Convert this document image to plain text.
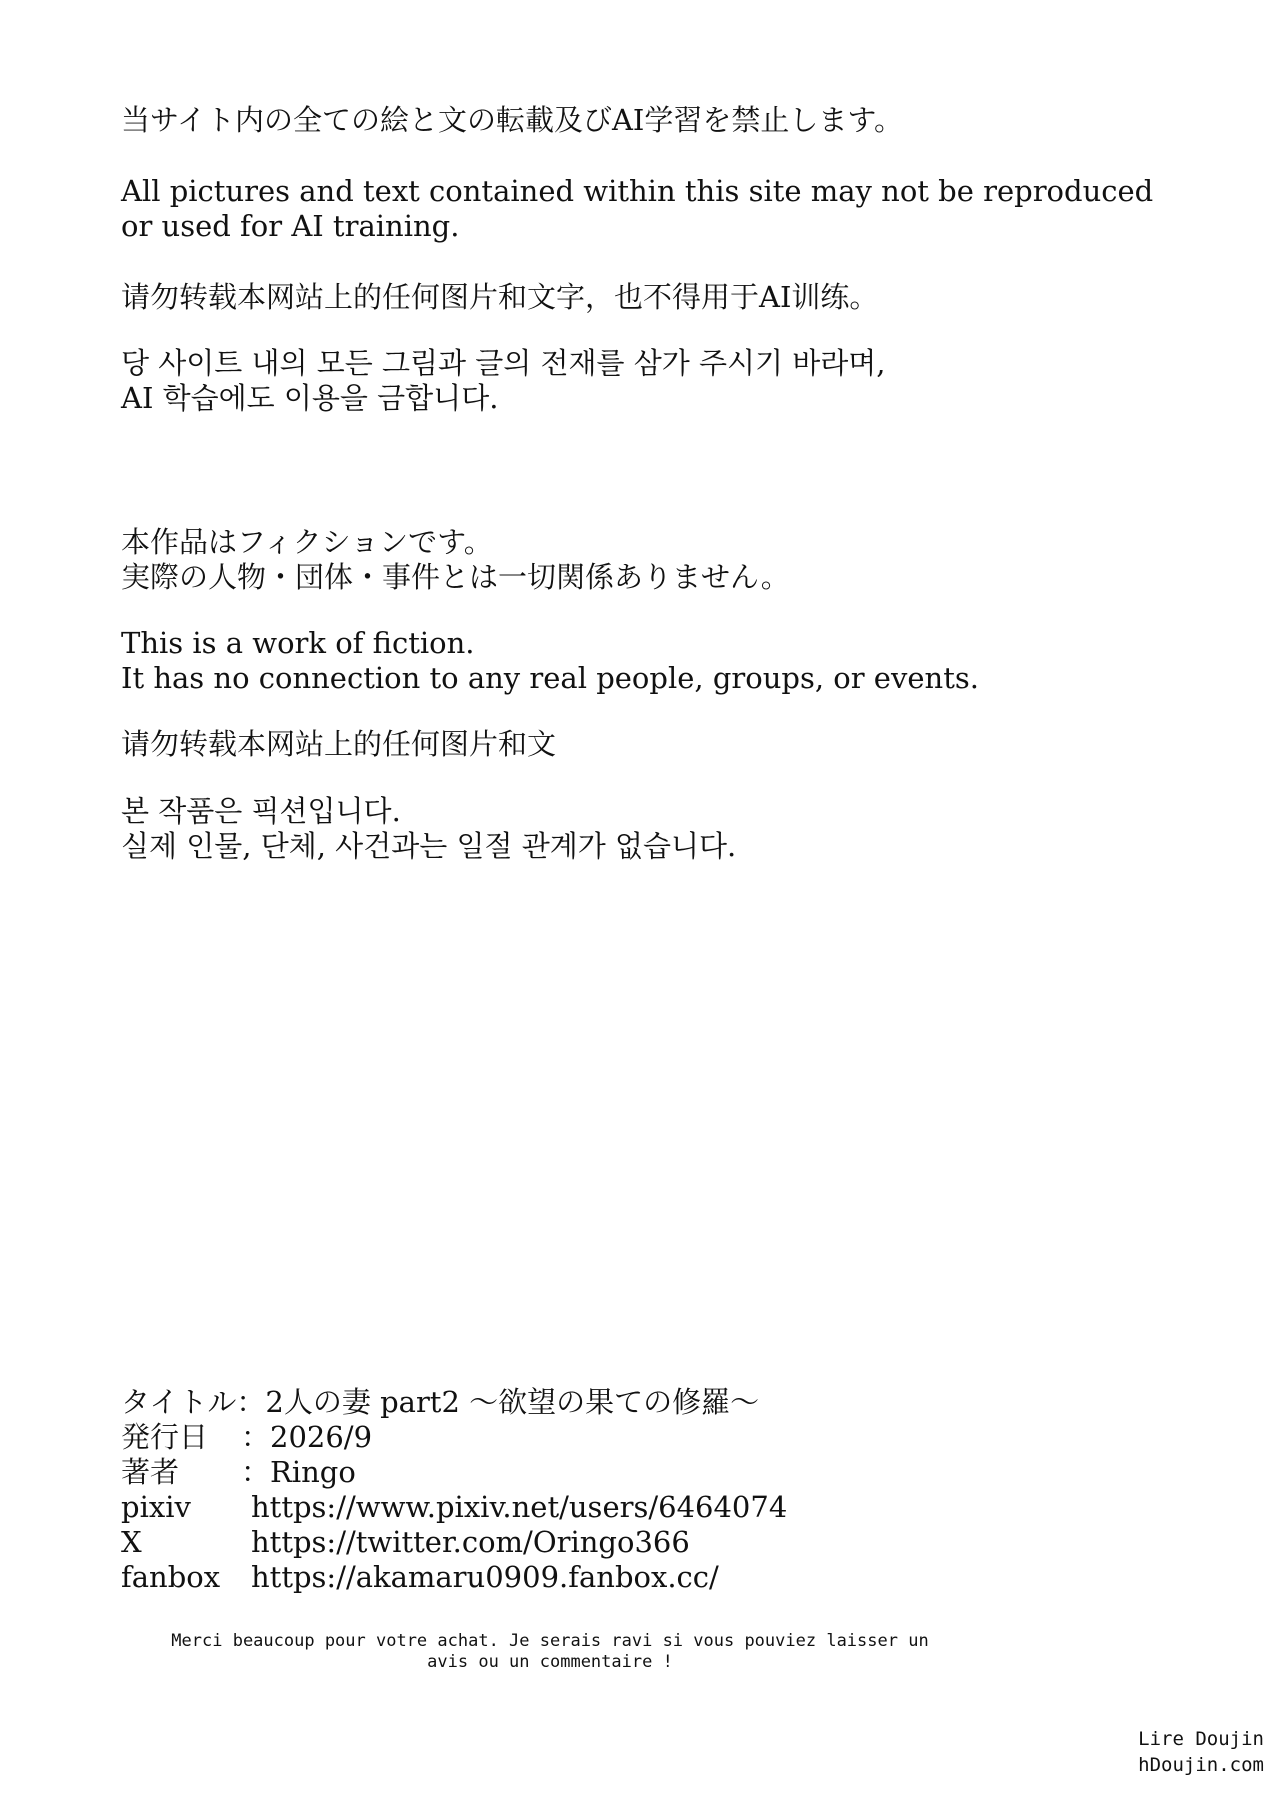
当サイト内の全ての絵と文の転載及びAI学習を禁止します。
All pictures and text contained within this site may not be reproduced
or used for AI training.
请勿转载本网站上的任何图片和文字，也不得用于AI训练。
당 사이트 내의 모든 그림과 글의 전재를 삼가 주시기 바라며,
AI 학습에도 이용을 금합니다.
本作品はフィクションです。
実際の人物・団体・事件とは一切関係ありません。
This is a work of fiction.
It has no connection to any real people, groups, or events.
请勿转载本网站上的任何图片和文
본 작품은 픽션입니다.
실제 인물, 단체, 사건과는 일절 관계가 없습니다.
タイトル： 2人の妻 part2 ～欲望の果ての修羅～
発行日	：2026/9
著者	：Ringo
pixiv	https://www.pixiv.net/users/6464074
X	https://twitter.com/Oringo366
fanbox	https://akamaru0909.fanbox.cc/
Merci beaucoup pour votre achat. Je serais ravi si vous pouviez laisser un
avis ou un commentaire !
Lire Doujin
hDoujin.com
